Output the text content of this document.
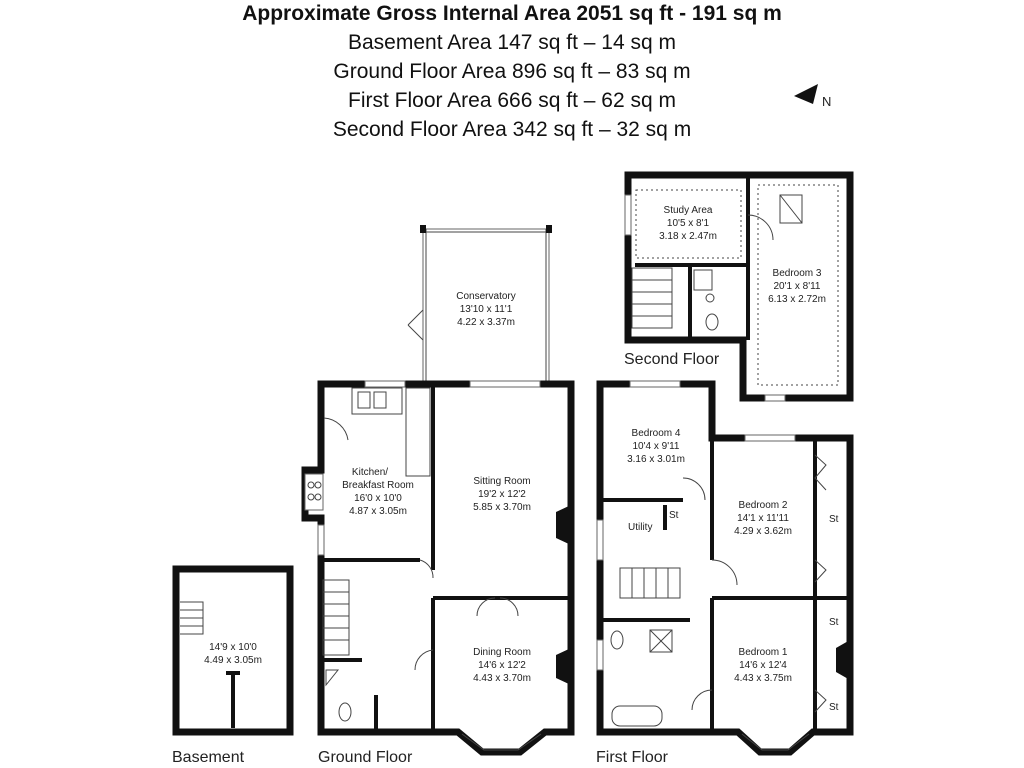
Approximate Gross Internal Area 2051 sq ft - 191 sq m
Basement Area 147 sq ft – 14 sq m
Ground Floor Area 896 sq ft – 83 sq m
First Floor Area 666 sq ft – 62 sq m
Second Floor Area 342 sq ft – 32 sq m
N
14'9 x 10'0
4.49 x 3.05m
Basement
Conservatory
13'10 x 11'1
4.22 x 3.37m
Kitchen/
Breakfast Room
16'0 x 10'0
4.87 x 3.05m
Sitting Room
19'2 x 12'2
5.85 x 3.70m
Dining Room
14'6 x 12'2
4.43 x 3.70m
Ground Floor
Bedroom 4
10'4 x 9'11
3.16 x 3.01m
Bedroom 2
14'1 x 11'11
4.29 x 3.62m
Bedroom 1
14'6 x 12'4
4.43 x 3.75m
Utility
St	St
St
St
First Floor
Study Area
10'5 x 8'1
3.18 x 2.47m
Bedroom 3
20'1 x 8'11
6.13 x 2.72m
Second Floor
